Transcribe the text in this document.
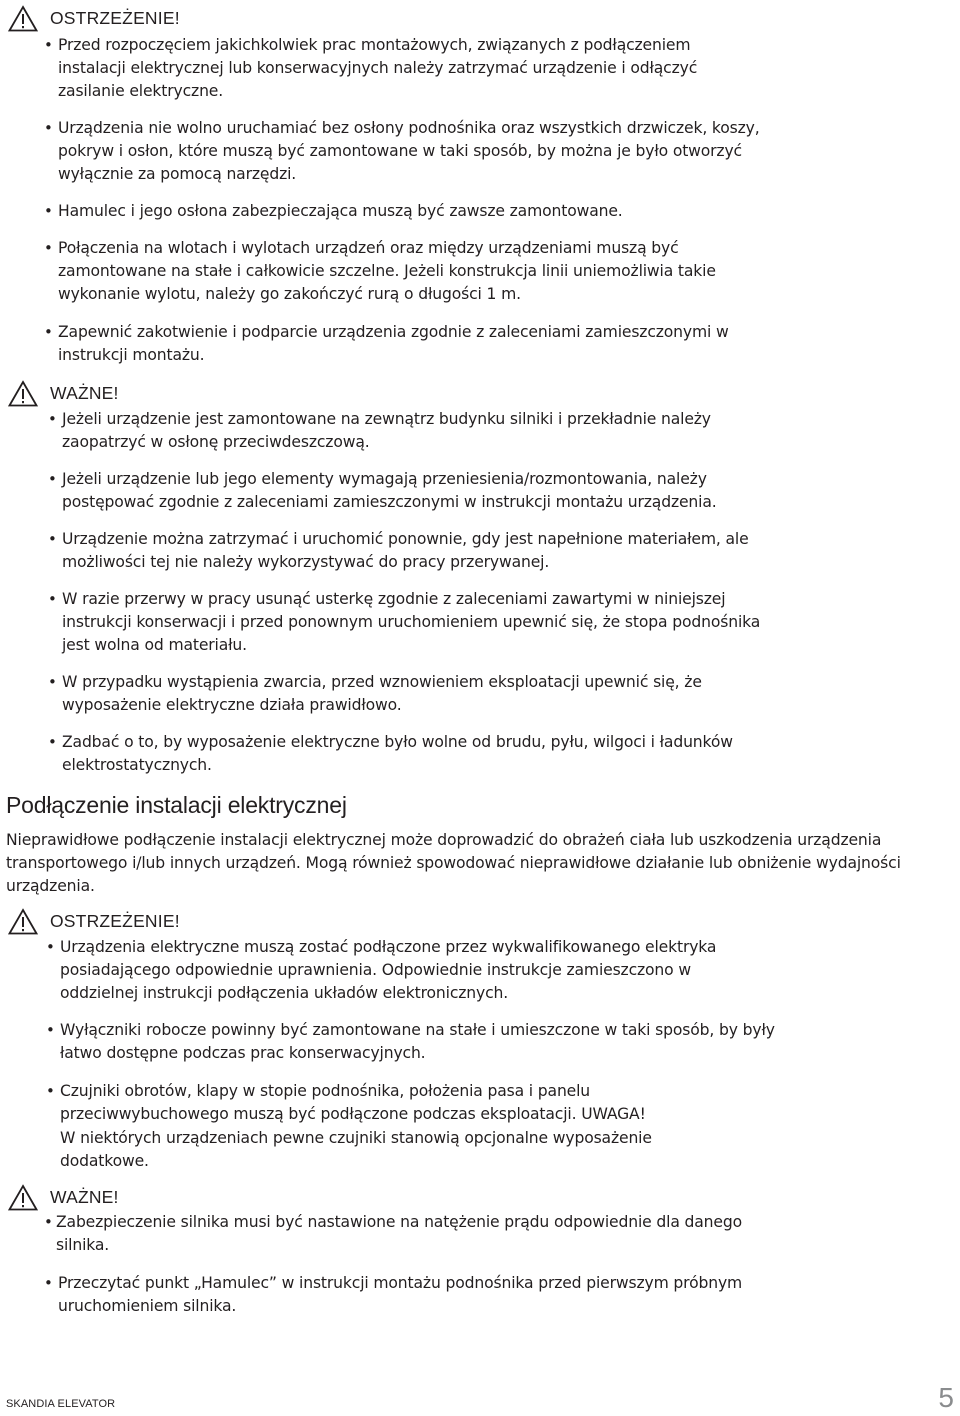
OSTRZEŻENIE!
• Przed rozpoczęciem jakichkolwiek prac montażowych, związanych z podłączeniem instalacji elektrycznej lub konserwacyjnych należy zatrzymać urządzenie i odłączyć zasilanie elektryczne.
• Urządzenia nie wolno uruchamiać bez osłony podnośnika oraz wszystkich drzwiczek, koszy, pokryw i osłon, które muszą być zamontowane w taki sposób, by można je było otworzyć wyłącznie za pomocą narzędzi.
• Hamulec i jego osłona zabezpieczająca muszą być zawsze zamontowane.
• Połączenia na wlotach i wylotach urządzeń oraz między urządzeniami muszą być zamontowane na stałe i całkowicie szczelne. Jeżeli konstrukcja linii uniemożliwia takie wykonanie wylotu, należy go zakończyć rurą o długości 1 m.
• Zapewnić zakotwienie i podparcie urządzenia zgodnie z zaleceniami zamieszczonymi w instrukcji montażu.
WAŻNE!
• Jeżeli urządzenie jest zamontowane na zewnątrz budynku silniki i przekładnie należy zaopatrzyć w osłonę przeciwdeszczową.
• Jeżeli urządzenie lub jego elementy wymagają przeniesienia/rozmontowania, należy postępować zgodnie z zaleceniami zamieszczonymi w instrukcji montażu urządzenia.
• Urządzenie można zatrzymać i uruchomić ponownie, gdy jest napełnione materiałem, ale możliwości tej nie należy wykorzystywać do pracy przerywanej.
• W razie przerwy w pracy usunąć usterkę zgodnie z zaleceniami zawartymi w niniejszej instrukcji konserwacji i przed ponownym uruchomieniem upewnić się, że stopa podnośnika jest wolna od materiału.
• W przypadku wystąpienia zwarcia, przed wznowieniem eksploatacji upewnić się, że wyposażenie elektryczne działa prawidłowo.
• Zadbać o to, by wyposażenie elektryczne było wolne od brudu, pyłu, wilgoci i ładunków elektrostatycznych.
Podłączenie instalacji elektrycznej
Nieprawidłowe podłączenie instalacji elektrycznej może doprowadzić do obrażeń ciała lub uszkodzenia urządzenia transportowego i/lub innych urządzeń. Mogą również spowodować nieprawidłowe działanie lub obniżenie wydajności urządzenia.
OSTRZEŻENIE!
• Urządzenia elektryczne muszą zostać podłączone przez wykwalifikowanego elektryka posiadającego odpowiednie uprawnienia. Odpowiednie instrukcje zamieszczono w oddzielnej instrukcji podłączenia układów elektronicznych.
• Wyłączniki robocze powinny być zamontowane na stałe i umieszczone w taki sposób, by były łatwo dostępne podczas prac konserwacyjnych.
• Czujniki obrotów, klapy w stopie podnośnika, położenia pasa i panelu przeciwwybuchowego muszą być podłączone podczas eksploatacji. UWAGA!
W niektórych urządzeniach pewne czujniki stanowią opcjonalne wyposażenie dodatkowe.
WAŻNE!
• Zabezpieczenie silnika musi być nastawione na natężenie prądu odpowiednie dla danego silnika.
• Przeczytać punkt „Hamulec” w instrukcji montażu podnośnika przed pierwszym próbnym uruchomieniem silnika.
SKANDIA ELEVATOR	5
